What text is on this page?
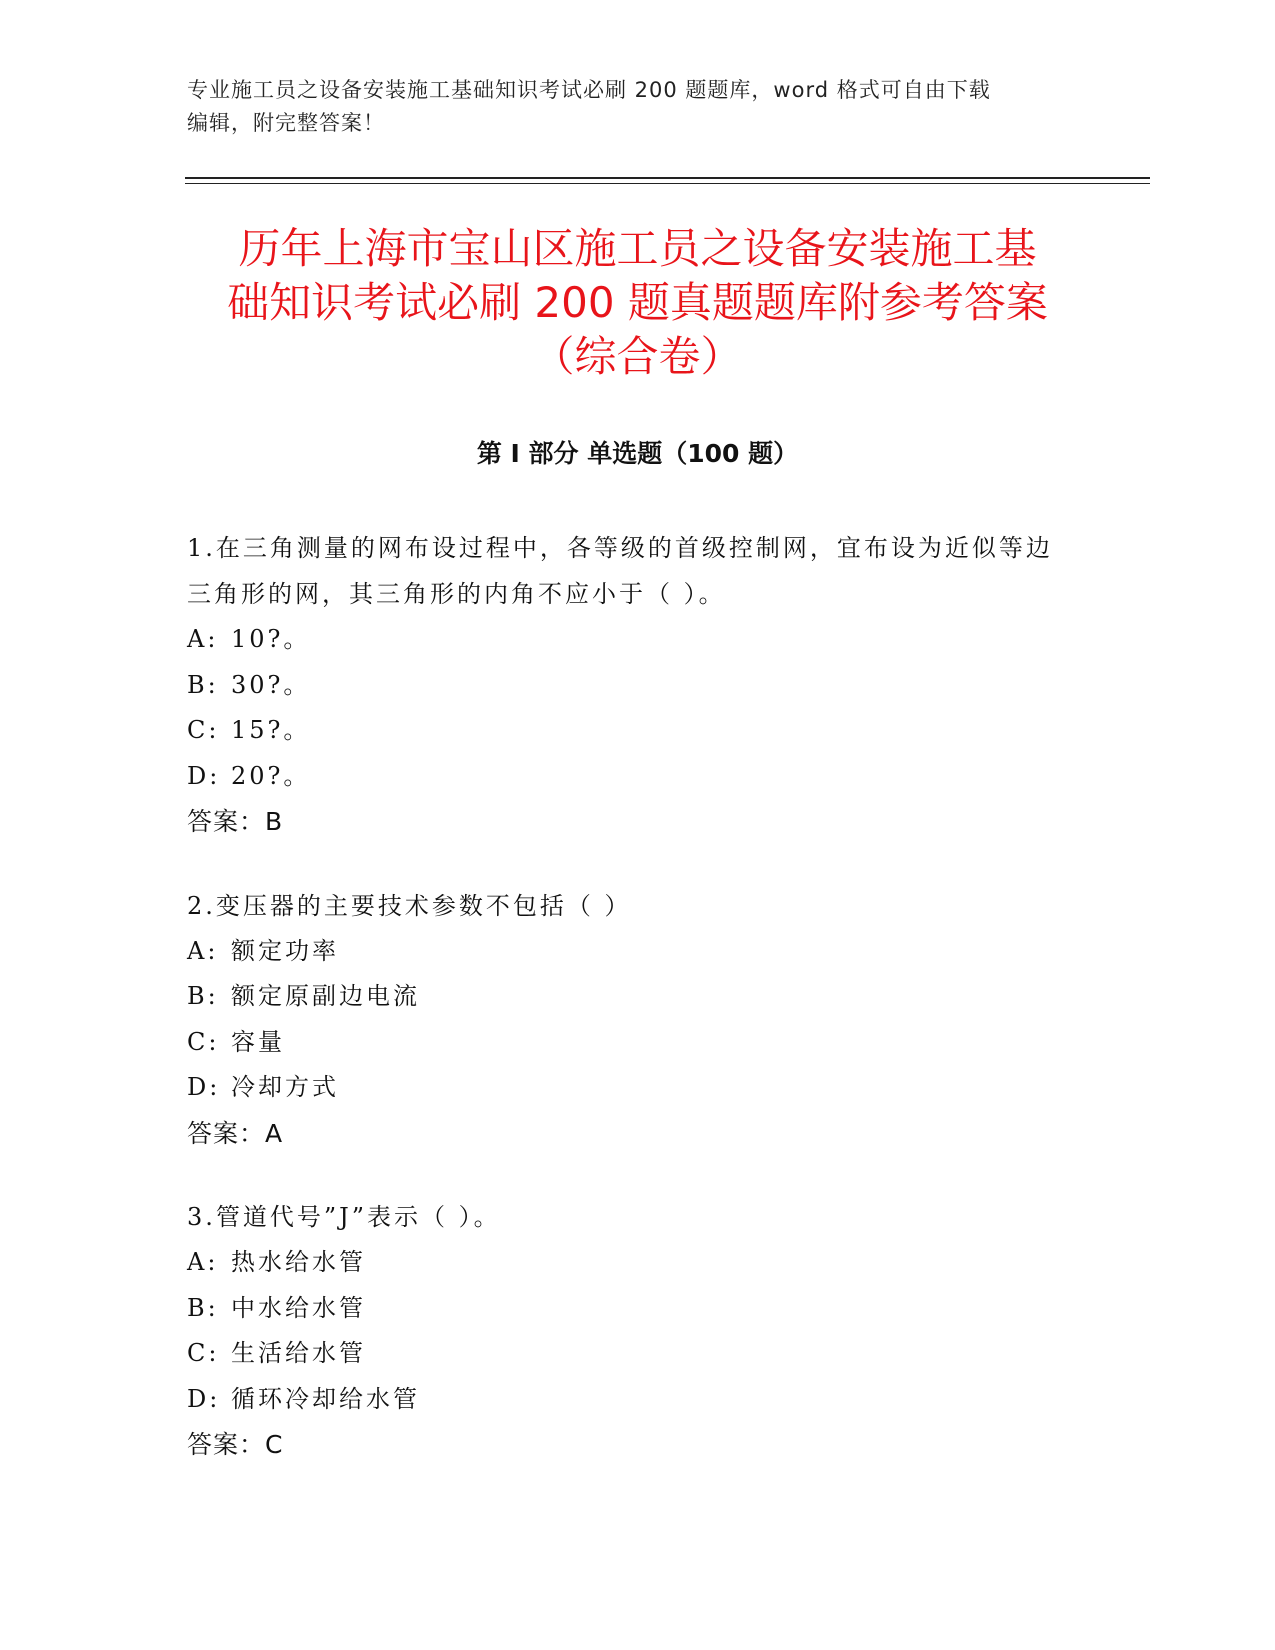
专业施工员之设备安装施工基础知识考试必刷 200 题题库，word 格式可自由下载
编辑，附完整答案！
历年上海市宝山区施工员之设备安装施工基
础知识考试必刷 200 题真题题库附参考答案
（综合卷）
第 I 部分 单选题（100 题）

1.在三角测量的网布设过程中，各等级的首级控制网，宜布设为近似等边三角形的网，其三角形的内角不应小于（ ）。

A: 10?。

B: 30?。

C: 15?。

D: 20?。

答案：B

2.变压器的主要技术参数不包括（ ）

A: 额定功率

B: 额定原副边电流

C: 容量

D: 冷却方式

答案：A

3.管道代号”J”表示（ ）。

A: 热水给水管

B: 中水给水管

C: 生活给水管

D: 循环冷却给水管

答案：C
